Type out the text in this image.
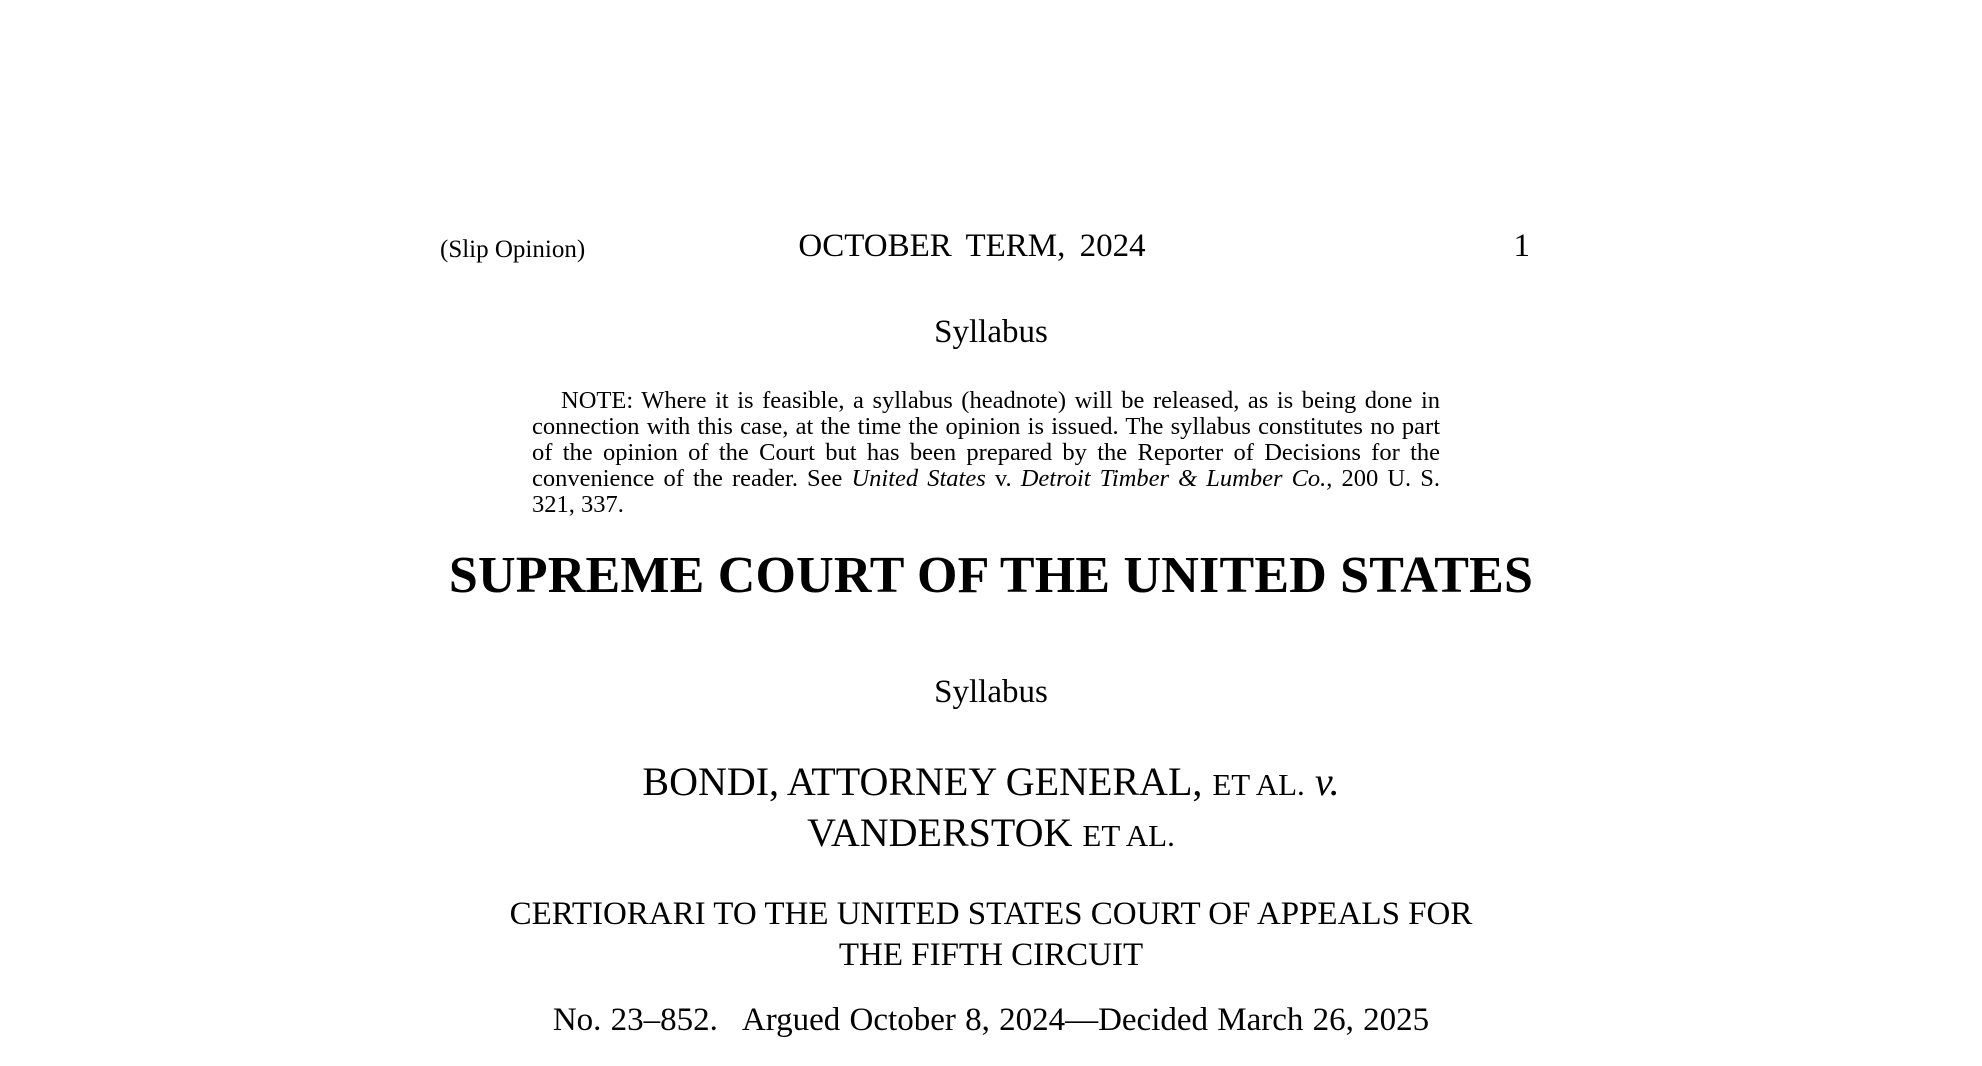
(Slip Opinion)	OCTOBER TERM, 2024	1
Syllabus
NOTE: Where it is feasible, a syllabus (headnote) will be released, as is being done in connection with this case, at the time the opinion is issued. The syllabus constitutes no part of the opinion of the Court but has been prepared by the Reporter of Decisions for the convenience of the reader. See United States v. Detroit Timber & Lumber Co., 200 U. S. 321, 337.
SUPREME COURT OF THE UNITED STATES
Syllabus
BONDI, ATTORNEY GENERAL, ET AL. v.
VANDERSTOK ET AL.
CERTIORARI TO THE UNITED STATES COURT OF APPEALS FOR
THE FIFTH CIRCUIT
No. 23–852. Argued October 8, 2024—Decided March 26, 2025
